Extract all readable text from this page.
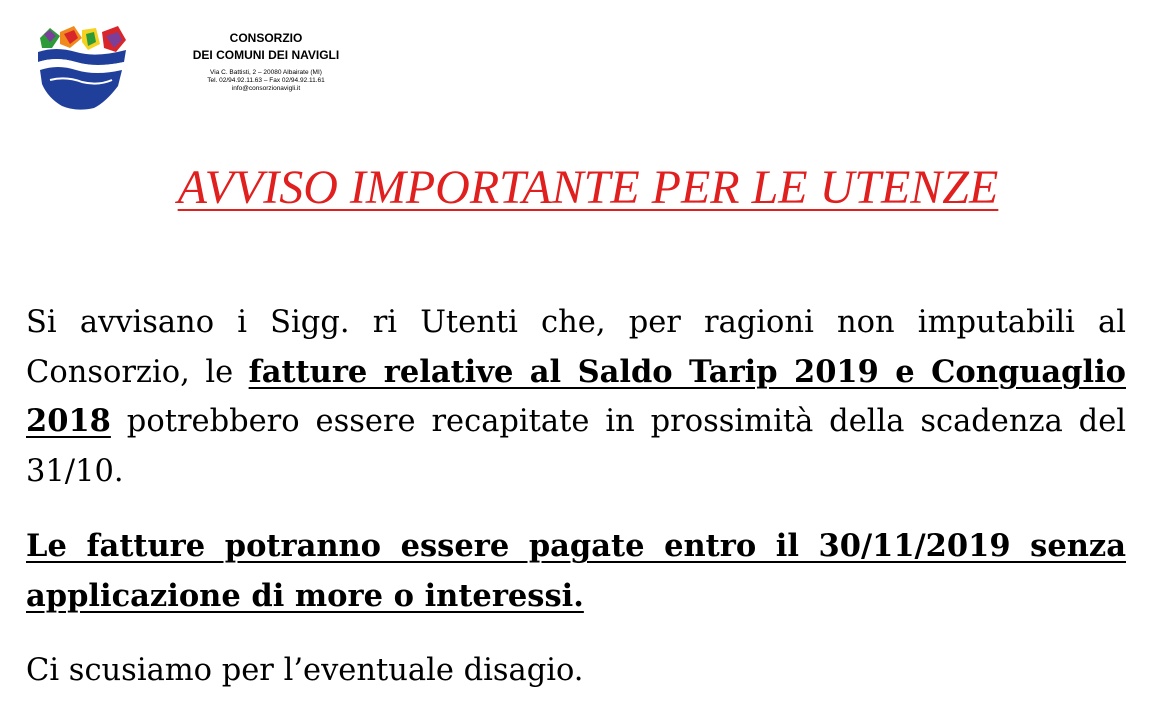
CONSORZIO
DEI COMUNI DEI NAVIGLI
Via C. Battisti, 2 – 20080 Albairate (MI)
Tel. 02/94.92.11.63 – Fax 02/94.92.11.61
info@consorzionavigli.it
AVVISO IMPORTANTE PER LE UTENZE
Si avvisano i Sigg. ri Utenti che, per ragioni non imputabili al Consorzio, le fatture relative al Saldo Tarip 2019 e Conguaglio 2018 potrebbero essere recapitate in prossimità della scadenza del 31/10.
Le fatture potranno essere pagate entro il 30/11/2019 senza applicazione di more o interessi.
Ci scusiamo per l’eventuale disagio.
